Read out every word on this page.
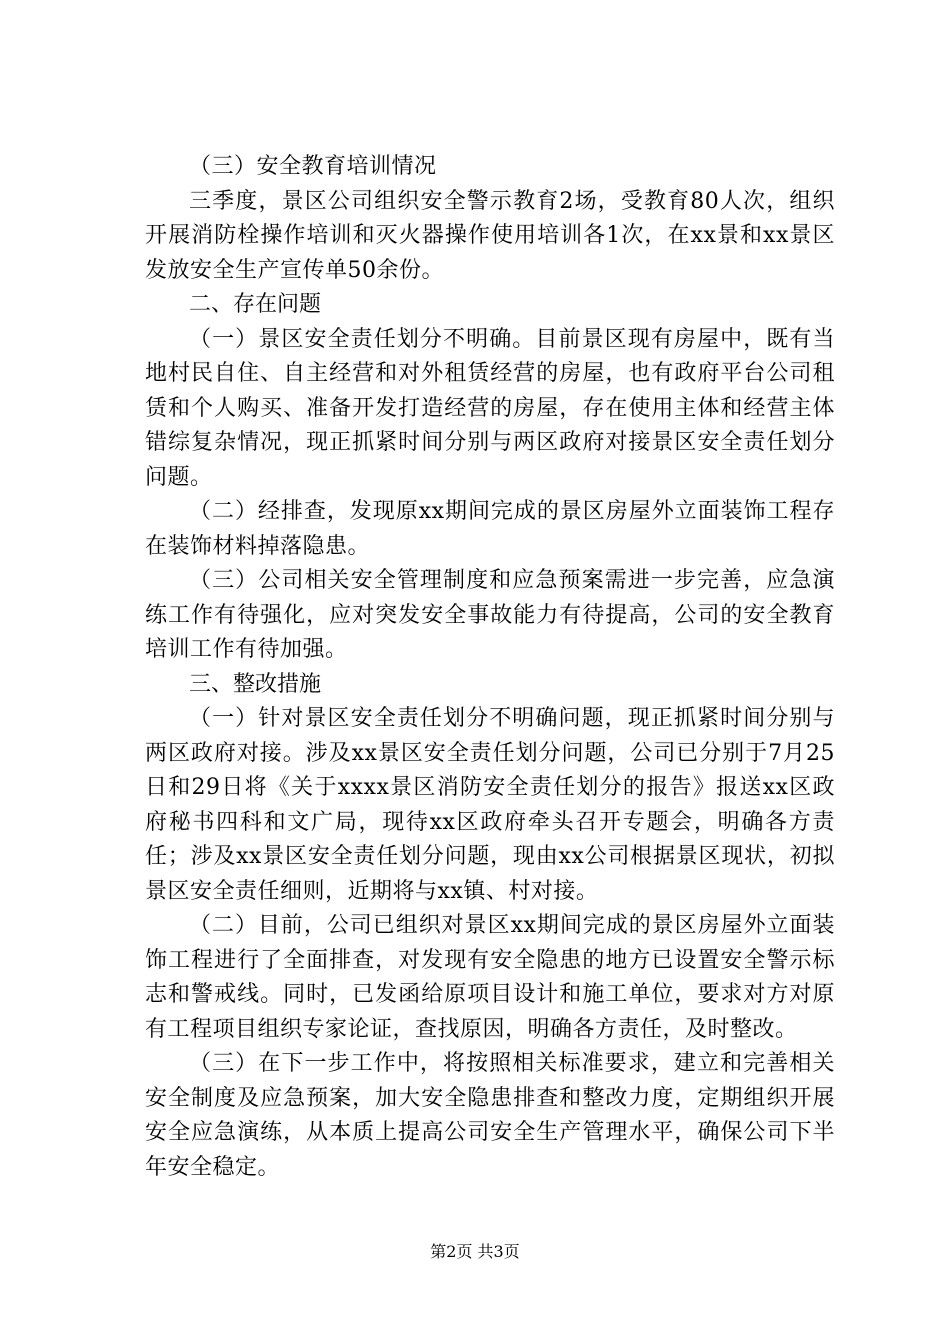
（三）安全教育培训情况

三季度，景区公司组织安全警示教育2场，受教育80人次，组织开展消防栓操作培训和灭火器操作使用培训各1次，在xx景和xx景区发放安全生产宣传单50余份。

二、存在问题

（一）景区安全责任划分不明确。目前景区现有房屋中，既有当地村民自住、自主经营和对外租赁经营的房屋，也有政府平台公司租赁和个人购买、准备开发打造经营的房屋，存在使用主体和经营主体错综复杂情况，现正抓紧时间分别与两区政府对接景区安全责任划分问题。

（二）经排查，发现原xx期间完成的景区房屋外立面装饰工程存在装饰材料掉落隐患。

（三）公司相关安全管理制度和应急预案需进一步完善，应急演练工作有待强化，应对突发安全事故能力有待提高，公司的安全教育培训工作有待加强。

三、整改措施

（一）针对景区安全责任划分不明确问题，现正抓紧时间分别与两区政府对接。涉及xx景区安全责任划分问题，公司已分别于7月25日和29日将《关于xxxx景区消防安全责任划分的报告》报送xx区政府秘书四科和文广局，现待xx区政府牵头召开专题会，明确各方责任；涉及xx景区安全责任划分问题，现由xx公司根据景区现状，初拟景区安全责任细则，近期将与xx镇、村对接。

（二）目前，公司已组织对景区xx期间完成的景区房屋外立面装饰工程进行了全面排查，对发现有安全隐患的地方已设置安全警示标志和警戒线。同时，已发函给原项目设计和施工单位，要求对方对原有工程项目组织专家论证，查找原因，明确各方责任，及时整改。

（三）在下一步工作中，将按照相关标准要求，建立和完善相关安全制度及应急预案，加大安全隐患排查和整改力度，定期组织开展安全应急演练，从本质上提高公司安全生产管理水平，确保公司下半年安全稳定。

第2页 共3页
